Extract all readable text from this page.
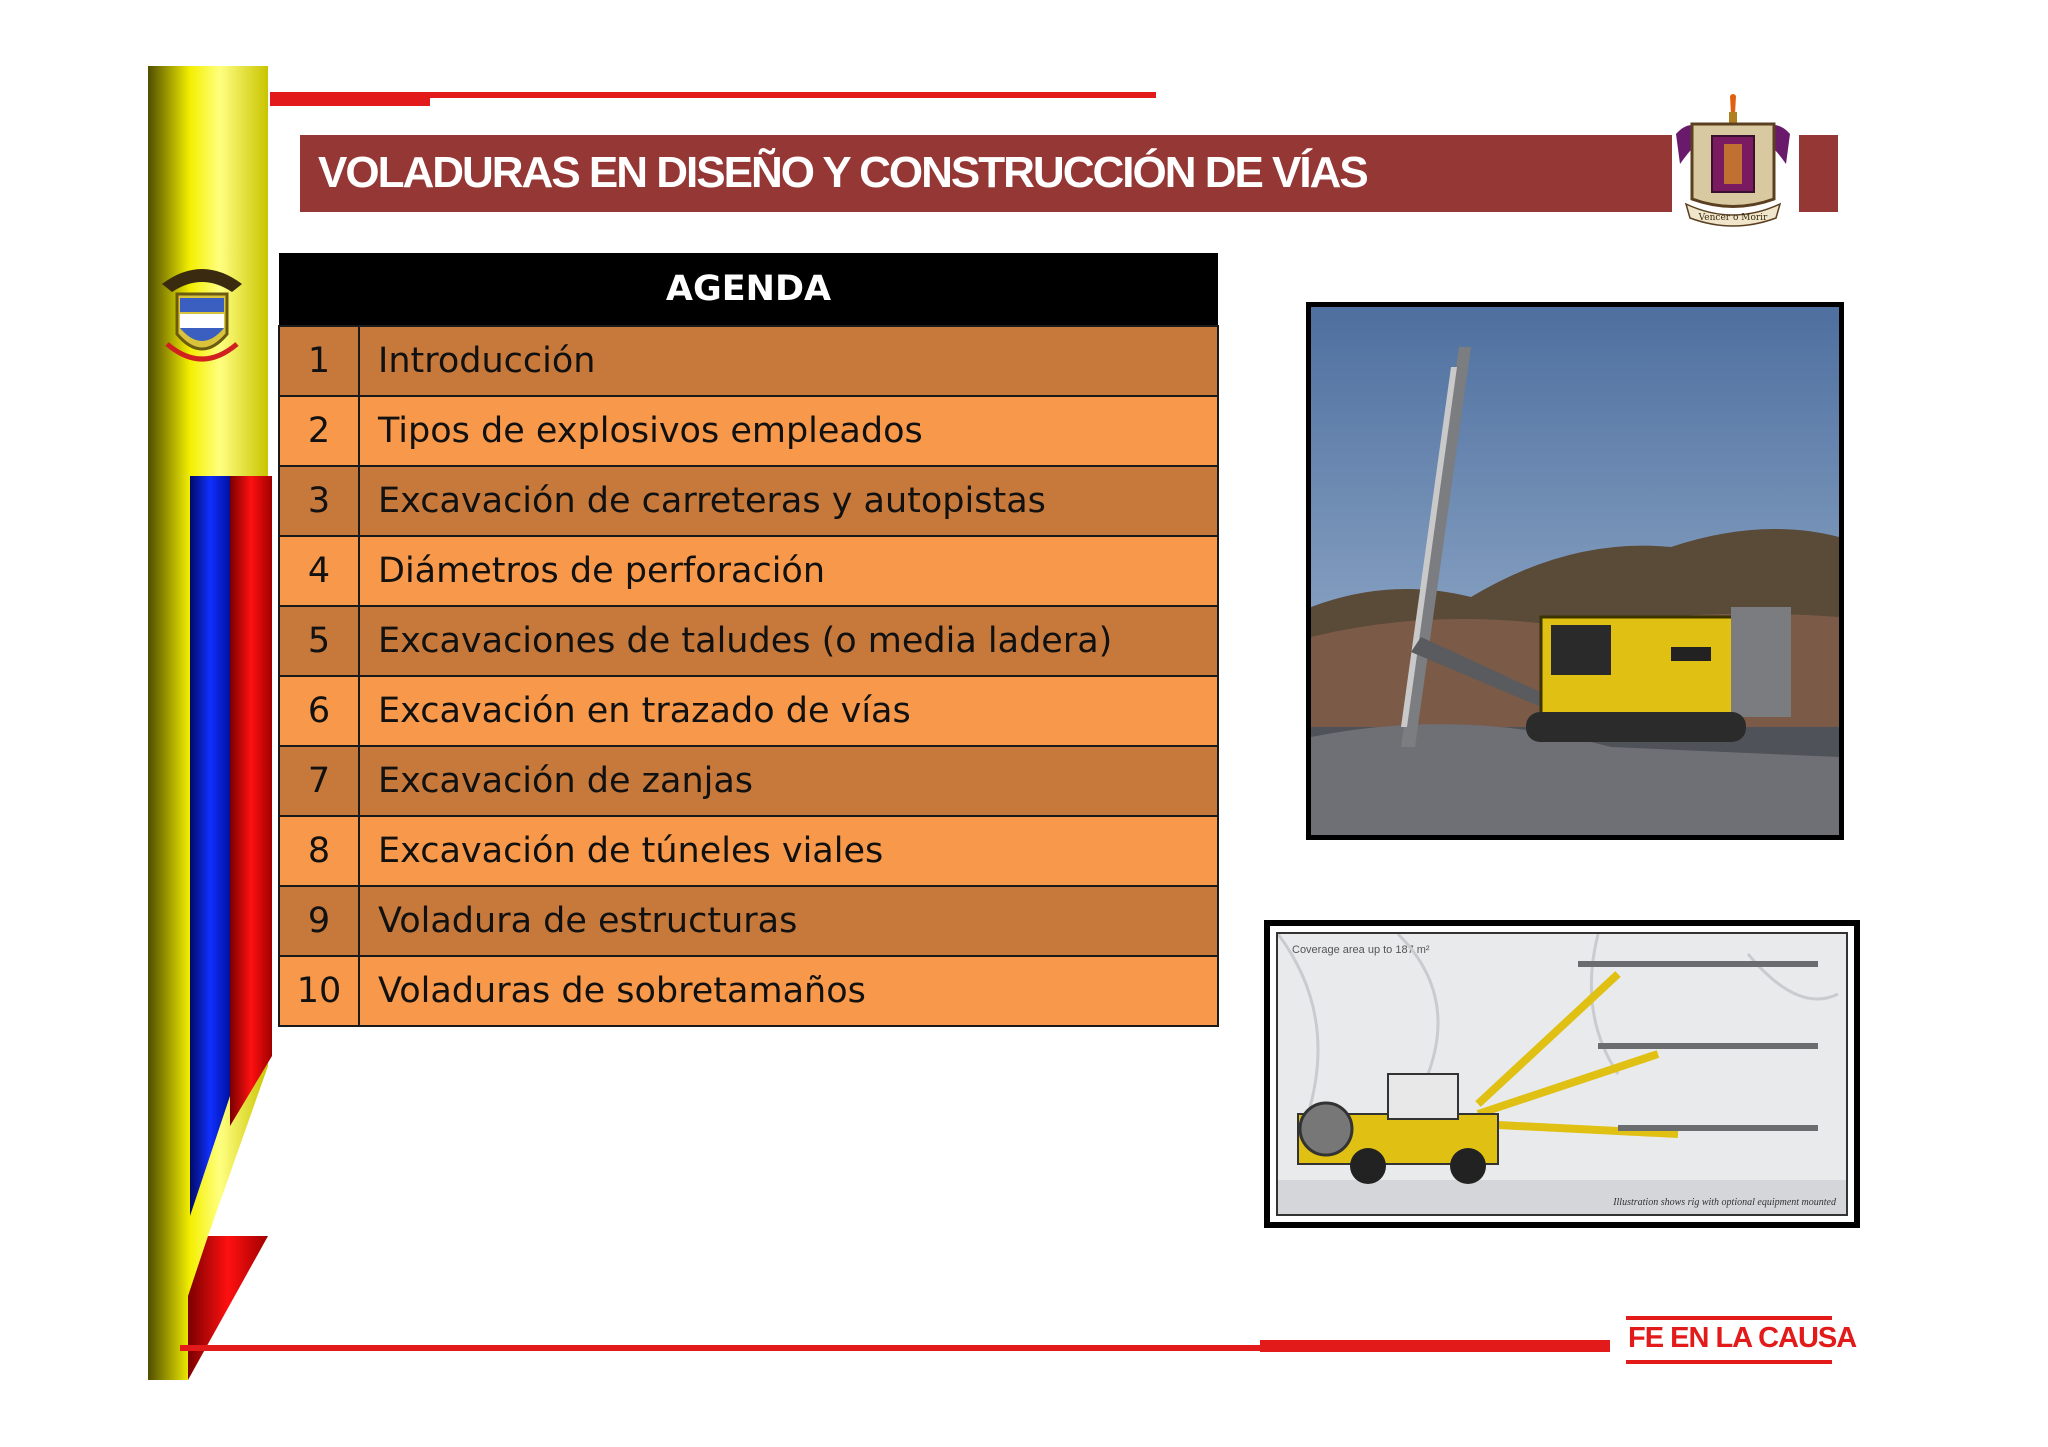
VOLADURAS EN DISEÑO Y CONSTRUCCIÓN DE VÍAS
Vencer o Morir
AGENDA	
1	Introducción
2	Tipos de explosivos empleados
3	Excavación de carreteras y autopistas
4	Diámetros de perforación
5	Excavaciones de taludes (o media ladera)
6	Excavación en trazado de vías
7	Excavación de zanjas
8	Excavación de túneles viales
9	Voladura de estructuras
10	Voladuras de sobretamaños
Coverage area up to 187 m²
Illustration shows rig with optional equipment mounted
FE EN LA CAUSA
